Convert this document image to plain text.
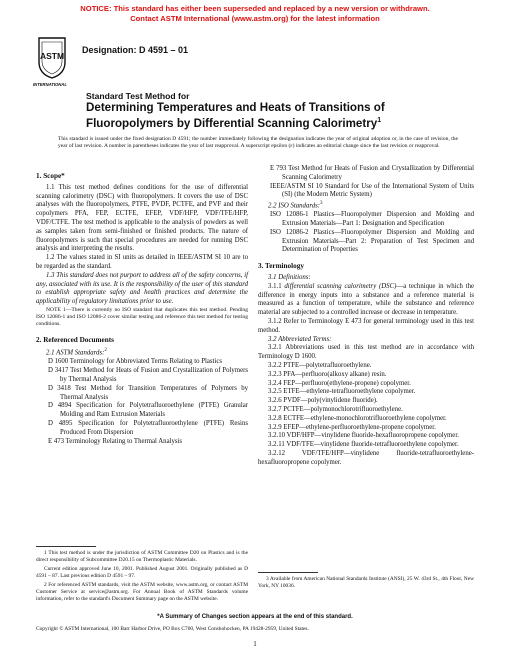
NOTICE: This standard has either been superseded and replaced by a new version or withdrawn.
Contact ASTM International (www.astm.org) for the latest information
ASTM
INTERNATIONAL
Designation: D 4591 – 01
Standard Test Method for
Determining Temperatures and Heats of Transitions of Fluoropolymers by Differential Scanning Calorimetry$^1$
This standard is issued under the fixed designation D 4591; the number immediately following the designation indicates the year of original adoption or, in the case of revision, the year of last revision. A number in parentheses indicates the year of last reapproval. A superscript epsilon (ε) indicates an editorial change since the last revision or reapproval.

1. Scope*

1.1 This test method defines conditions for the use of differential scanning calorimetry (DSC) with fluoropolymers. It covers the use of DSC analyses with the fluoropolymers, PTFE, PVDF, PCTFE, and PVF and their copolymers PFA, FEP, ECTFE, EFEP, VDF/HFP, VDF/TFE/HFP, VDF/CTFE. The test method is applicable to the analysis of powders as well as samples taken from semi-finished or finished products. The nature of fluoropolymers is such that special procedures are needed for running DSC analysis and interpreting the results.

1.2 The values stated in SI units as detailed in IEEE/ASTM SI 10 are to be regarded as the standard.

1.3 This standard does not purport to address all of the safety concerns, if any, associated with its use. It is the responsibility of the user of this standard to establish appropriate safety and health practices and determine the applicability of regulatory limitations prior to use.

NOTE 1—There is currently no ISO standard that duplicates this test method. Pending ISO 12086-1 and ISO 12086-2 cover similar testing and reference this test method for testing conditions.

2. Referenced Documents

2.1 ASTM Standards:$^2$

D 1600 Terminology for Abbreviated Terms Relating to Plastics

D 3417 Test Method for Heats of Fusion and Crystallization of Polymers by Thermal Analysis

D 3418 Test Method for Transition Temperatures of Polymers by Thermal Analysis

D 4894 Specification for Polytetrafluoroethylene (PTFE) Granular Molding and Ram Extrusion Materials

D 4895 Specification for Polytetrafluoroethylene (PTFE) Resins Produced From Dispersion

E 473 Terminology Relating to Thermal Analysis

1 This test method is under the jurisdiction of ASTM Committee D20 on Plastics and is the direct responsibility of Subcommittee D20.15 on Thermoplastic Materials.

Current edition approved June 10, 2001. Published August 2001. Originally published as D 4591 – 87. Last previous edition D 4591 – 97.

2 For referenced ASTM standards, visit the ASTM website, www.astm.org, or contact ASTM Customer Service at service@astm.org. For Annual Book of ASTM Standards volume information, refer to the standard's Document Summary page on the ASTM website.

E 793 Test Method for Heats of Fusion and Crystallization by Differential Scanning Calorimetry

IEEE/ASTM SI 10 Standard for Use of the International System of Units (SI) (the Modern Metric System)

2.2 ISO Standards:$^3$

ISO 12086-1 Plastics—Fluoropolymer Dispersion and Molding and Extrusion Materials—Part 1: Designation and Specification

ISO 12086-2 Plastics—Fluoropolymer Dispersion and Molding and Extrusion Materials—Part 2: Preparation of Test Specimen and Determination of Properties

3. Terminology

3.1 Definitions:

3.1.1 differential scanning calorimetry (DSC)—a technique in which the difference in energy inputs into a substance and a reference material is measured as a function of temperature, while the substance and reference material are subjected to a controlled increase or decrease in temperature.

3.1.2 Refer to Terminology E 473 for general terminology used in this test method.

3.2 Abbreviated Terms:

3.2.1 Abbreviations used in this test method are in accordance with Terminology D 1600.

3.2.2 PTFE—polytetrafluoroethylene.

3.2.3 PFA—perfluoro(alkoxy alkane) resin.

3.2.4 FEP—perfluoro(ethylene-propene) copolymer.

3.2.5 ETFE—ethylene-tetrafluoroethylene copolymer.

3.2.6 PVDF—poly(vinylidene fluoride).

3.2.7 PCTFE—polymonochlorotrifluoroethylene.

3.2.8 ECTFE—ethylene-monochlorotrifluoroethylene copolymer.

3.2.9 EFEP—ethylene-perfluoroethylene-propene copolymer.

3.2.10 VDF/HFP—vinylidene fluoride-hexafluoropropene copolymer.

3.2.11 VDF/TFE—vinylidene fluoride-tetrafluoroethylene copolymer.

3.2.12 VDF/TFE/HFP—vinylidene fluoride-tetrafluoroethylene-hexafluoropropene copolymer.

3 Available from American National Standards Institute (ANSI), 25 W. 43rd St., 4th Floor, New York, NY 10036.

*A Summary of Changes section appears at the end of this standard.
Copyright © ASTM International, 100 Barr Harbor Drive, PO Box C700, West Conshohocken, PA 19428-2959, United States.
1
